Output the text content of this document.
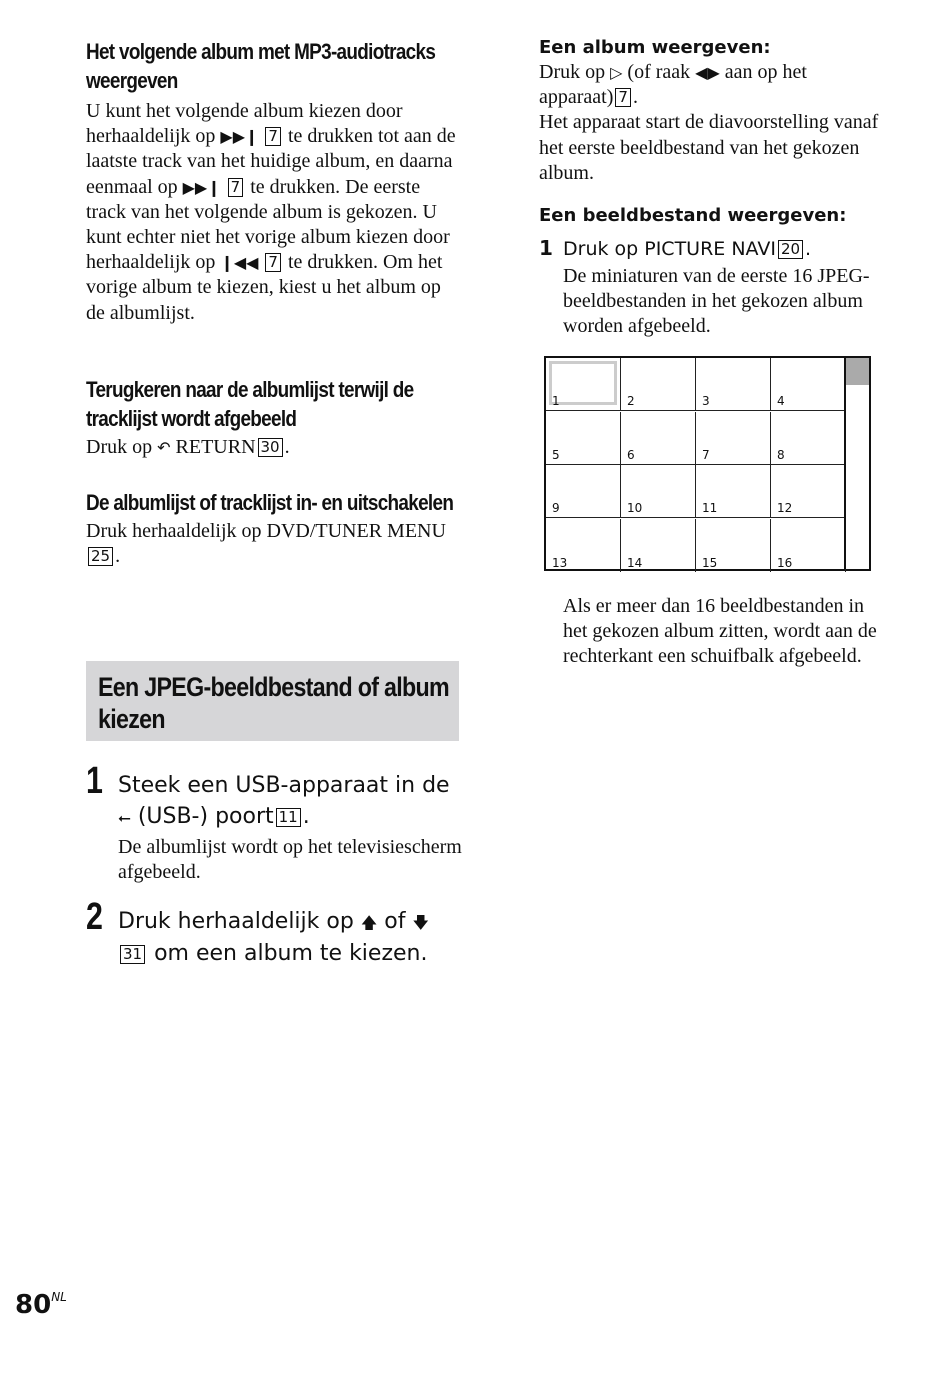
Het volgende album met MP3-audiotracks weergeven

U kunt het volgende album kiezen door herhaaldelijk op ▶▶❙ 7 te drukken tot aan de laatste track van het huidige album, en daarna eenmaal op ▶▶❙ 7 te drukken. De eerste track van het volgende album is gekozen. U kunt echter niet het vorige album kiezen door herhaaldelijk op ❙◀◀ 7 te drukken. Om het vorige album te kiezen, kiest u het album op de albumlijst.

Terugkeren naar de albumlijst terwijl de tracklijst wordt afgebeeld

Druk op ↶ RETURN 30 .

De albumlijst of tracklijst in- en uitschakelen

Druk herhaaldelijk op DVD/TUNER MENU25 .

Een JPEG-beeldbestand of album kiezen
1 Steek een USB-apparaat in de
⭠ (USB-) poort 11 .
De albumlijst wordt op het televisiescherm afgebeeld.
2 Druk herhaaldelijk op 🡅 of 🡇 31 om een album te kiezen.

Een album weergeven:

Druk op ▷ (of raak ◀▶ aan op het apparaat) 7 .
Het apparaat start de diavoorstelling vanaf het eerste beeldbestand van het gekozen album.

Een beeldbestand weergeven:

1 Druk op PICTURE NAVI 20 .
De miniaturen van de eerste 16 JPEG-beeldbestanden in het gekozen album worden afgebeeld.
1	2	3	4
5	6	7	8
9	10	11	12
13	14	15	16
Als er meer dan 16 beeldbestanden in het gekozen album zitten, wordt aan de rechterkant een schuifbalk afgebeeld.
$80^{NL}$
